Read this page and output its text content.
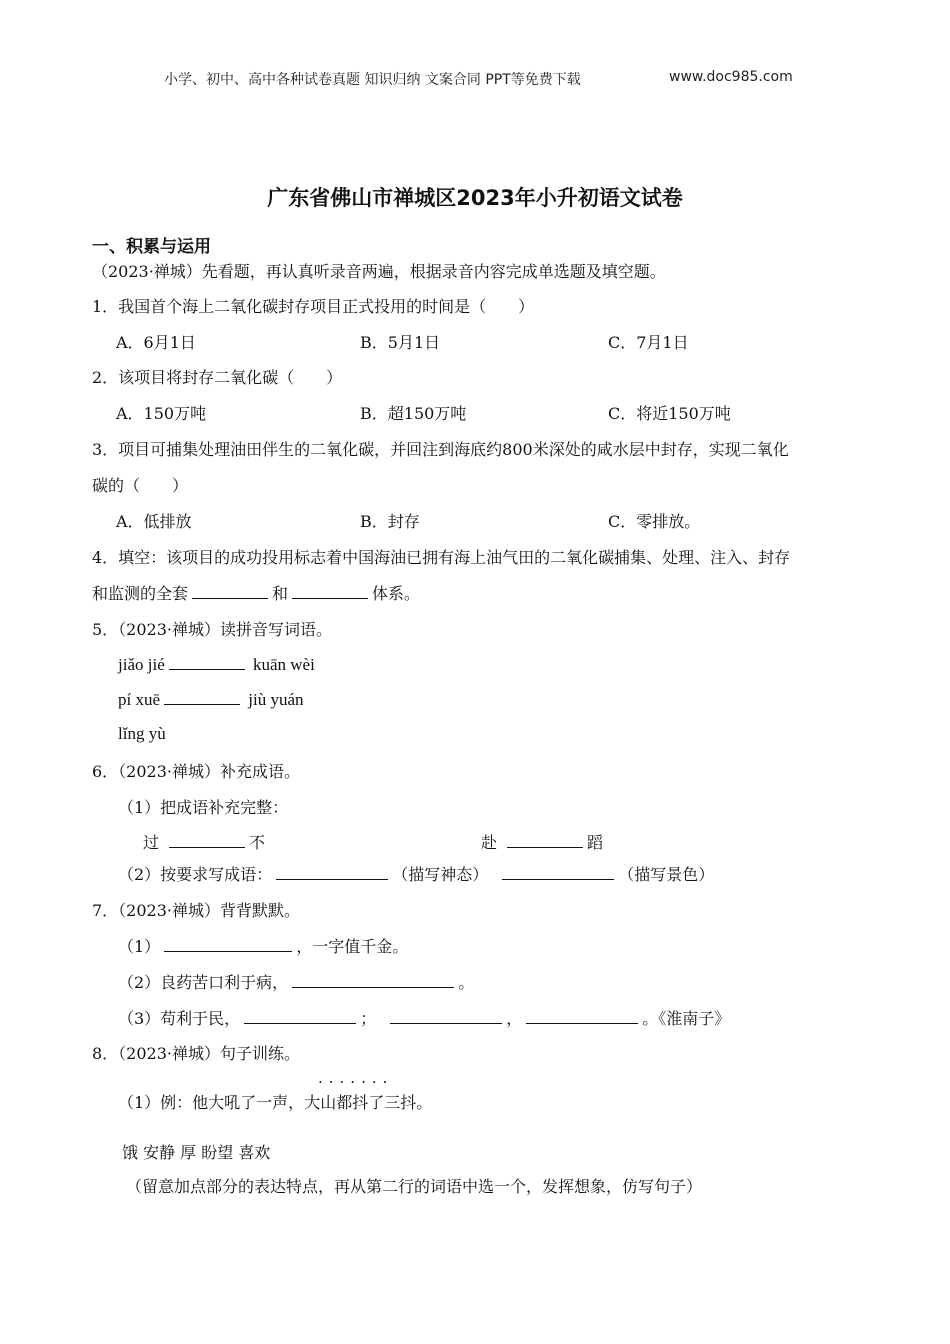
小学、初中、高中各种试卷真题 知识归纳 文案合同 PPT等免费下载	www.doc985.com
广东省佛山市禅城区2023年小升初语文试卷
一、积累与运用
（2023·禅城）先看题，再认真听录音两遍，根据录音内容完成单选题及填空题。
1．我国首个海上二氧化碳封存项目正式投用的时间是（　　）
A．6月1日	B．5月1日	C．7月1日
2．该项目将封存二氧化碳（　　）
A．150万吨	B．超150万吨	C．将近150万吨
3．项目可捕集处理油田伴生的二氧化碳，并回注到海底约800米深处的咸水层中封存，实现二氧化
碳的（　　）
A．低排放	B．封存	C．零排放。
4．填空：该项目的成功投用标志着中国海油已拥有海上油气田的二氧化碳捕集、处理、注入、封存
和监测的全套	和	体系。
5．（2023·禅城）读拼音写词语。
jiǎo jié	kuān wèi
pí xuē	jiù yuán
lǐng yù
6．（2023·禅城）补充成语。
（1）把成语补充完整：
过	不	赴	蹈
（2）按要求写成语：	（描写神态）	（描写景色）
7．（2023·禅城）背背默默。
（1）	，一字值千金。
（2）良药苦口利于病，	。
（3）苟利于民，	；	，	。《淮南子》
8．（2023·禅城）句子训练。
·······
（1）例：他大吼了一声，大山都抖了三抖。
饿 安静 厚 盼望 喜欢
（留意加点部分的表达特点，再从第二行的词语中选一个，发挥想象，仿写句子）
